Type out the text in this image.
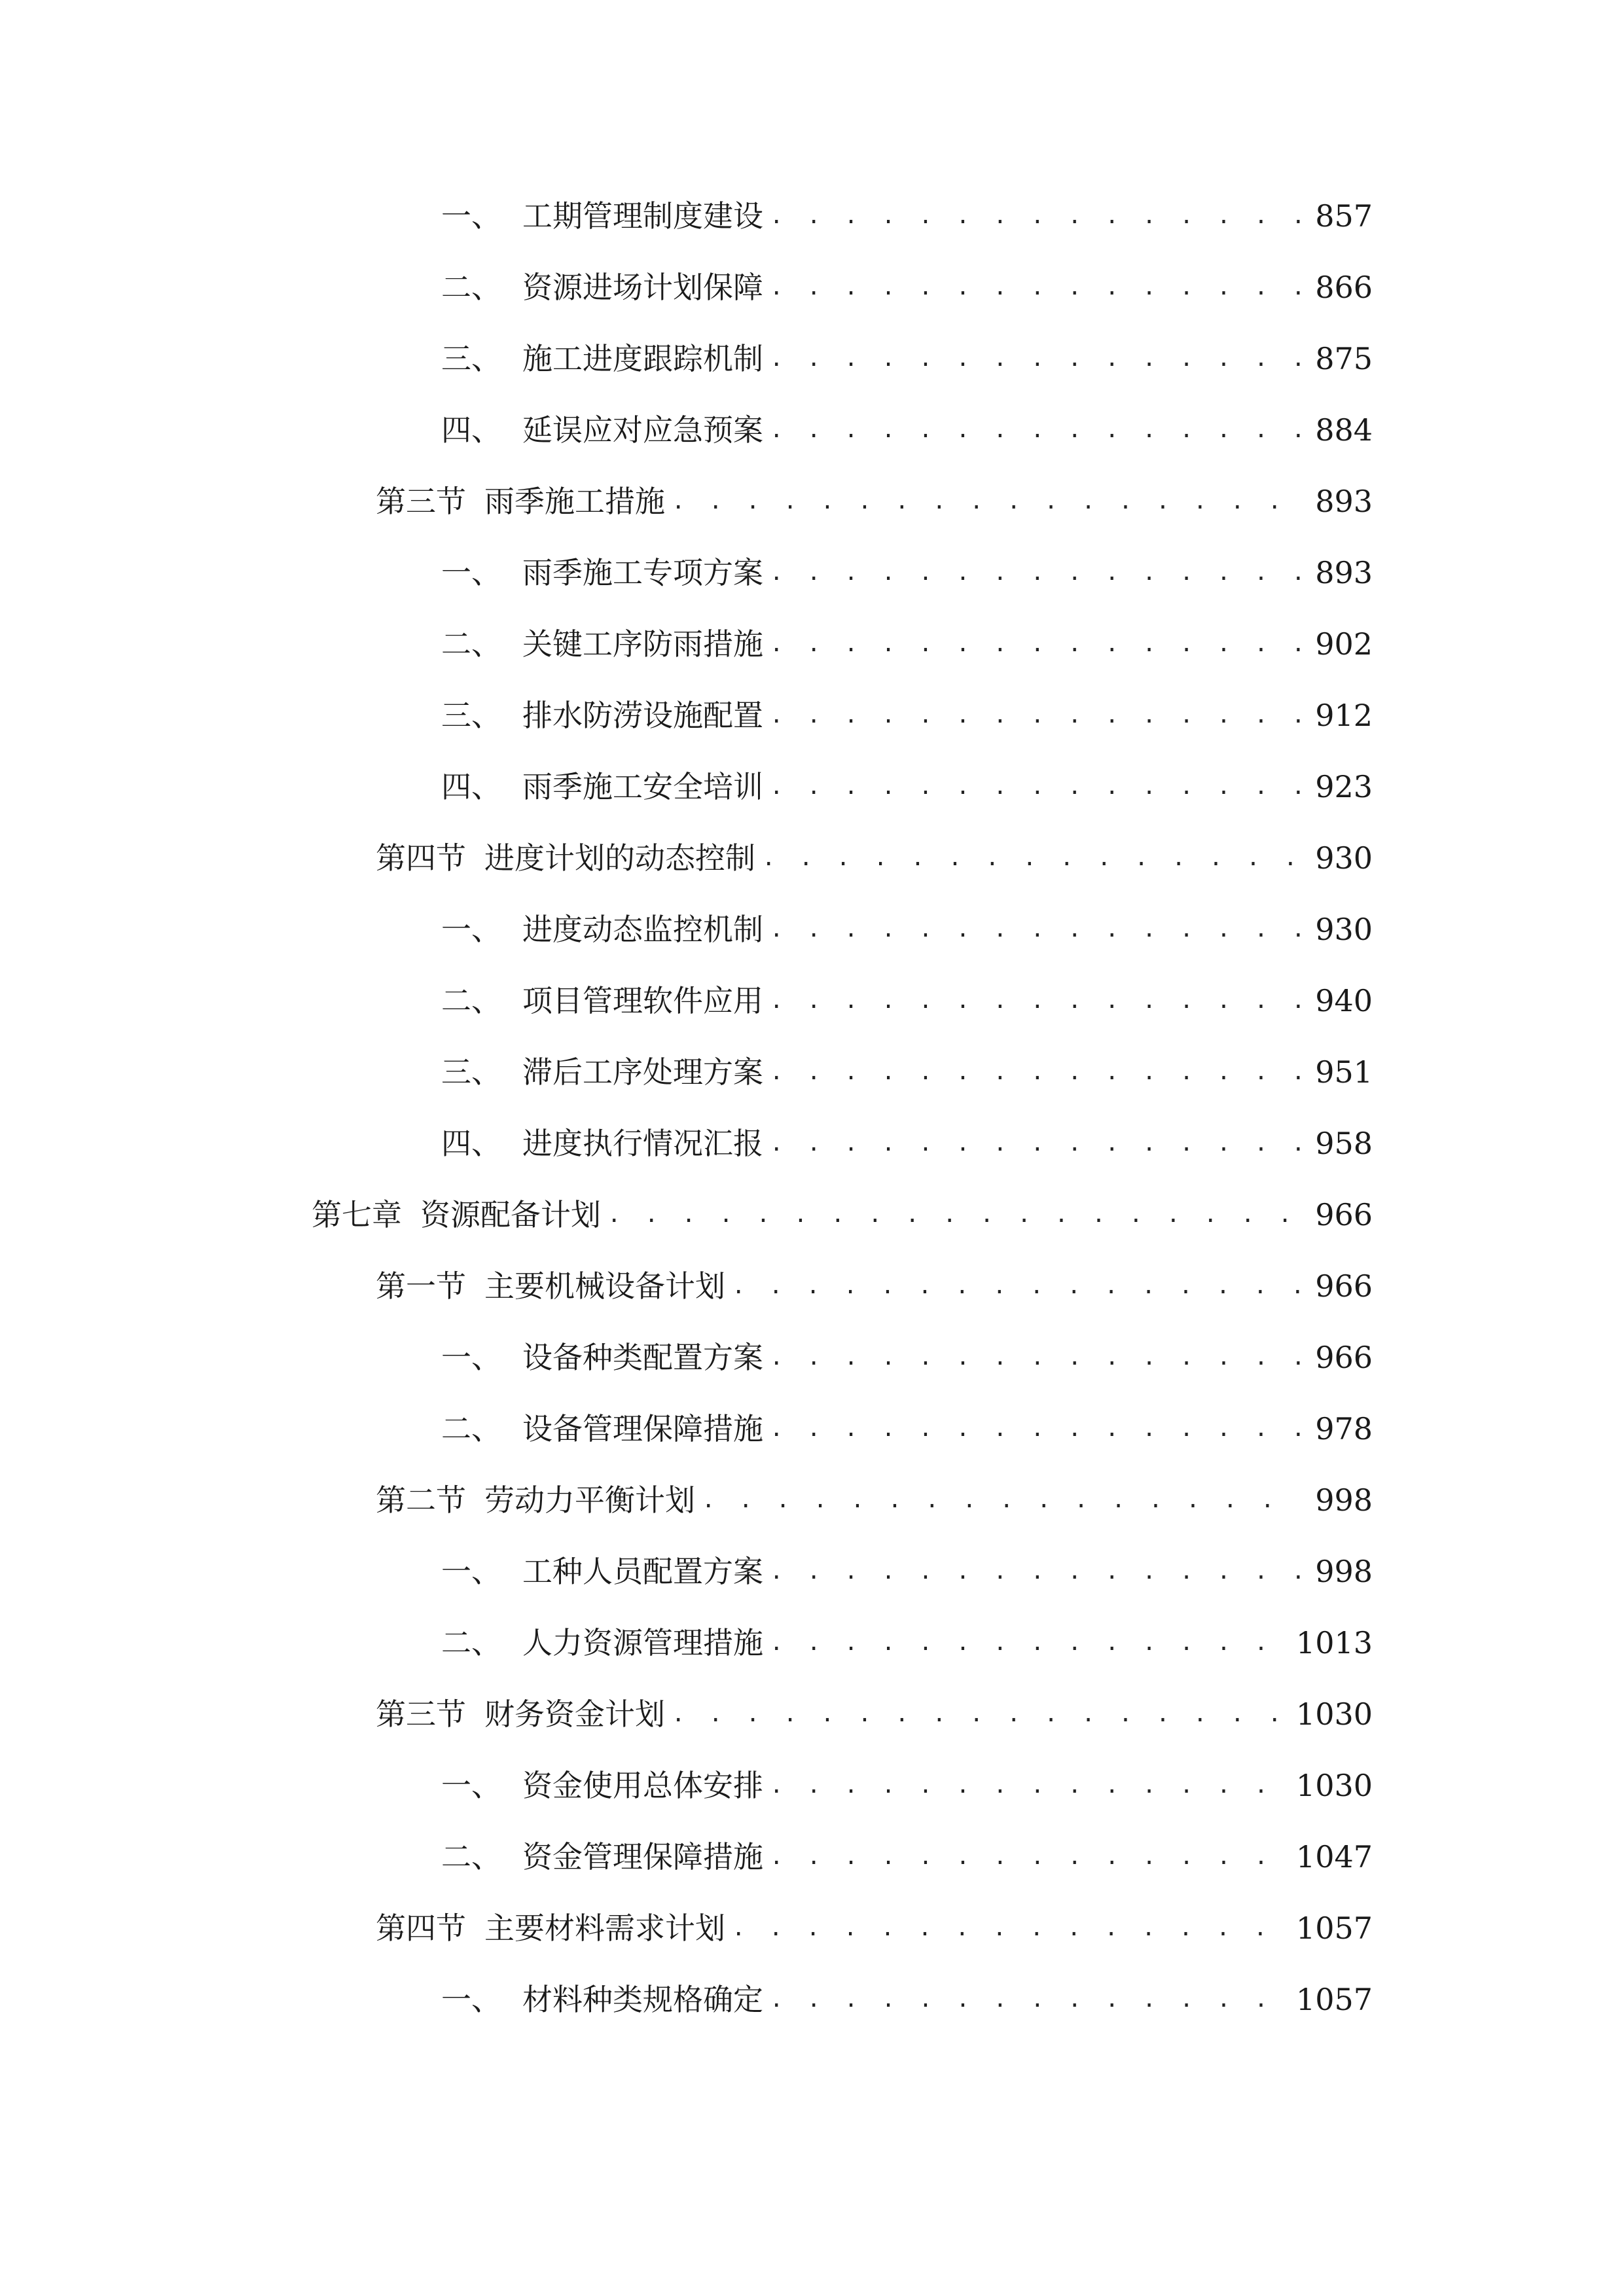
一、 工期管理制度建设 . . .	857
二、 资源进场计划保障 . . .	866
三、 施工进度跟踪机制 . . .	875
四、 延误应对应急预案 . . .	884
第三节 雨季施工措施 . . .	893
一、 雨季施工专项方案 . . .	893
二、 关键工序防雨措施 . . .	902
三、 排水防涝设施配置 . . .	912
四、 雨季施工安全培训 . . .	923
第四节 进度计划的动态控制 . . .	930
一、 进度动态监控机制 . . .	930
二、 项目管理软件应用 . . .	940
三、 滞后工序处理方案 . . .	951
四、 进度执行情况汇报 . . .	958
第七章 资源配备计划 . . .	966
第一节 主要机械设备计划 . . .	966
一、 设备种类配置方案 . . .	966
二、 设备管理保障措施 . . .	978
第二节 劳动力平衡计划 . . .	998
一、 工种人员配置方案 . . .	998
二、 人力资源管理措施 . . .	1013
第三节 财务资金计划 . . .	1030
一、 资金使用总体安排 . . .	1030
二、 资金管理保障措施 . . .	1047
第四节 主要材料需求计划 . . .	1057
一、 材料种类规格确定 . . .	1057
